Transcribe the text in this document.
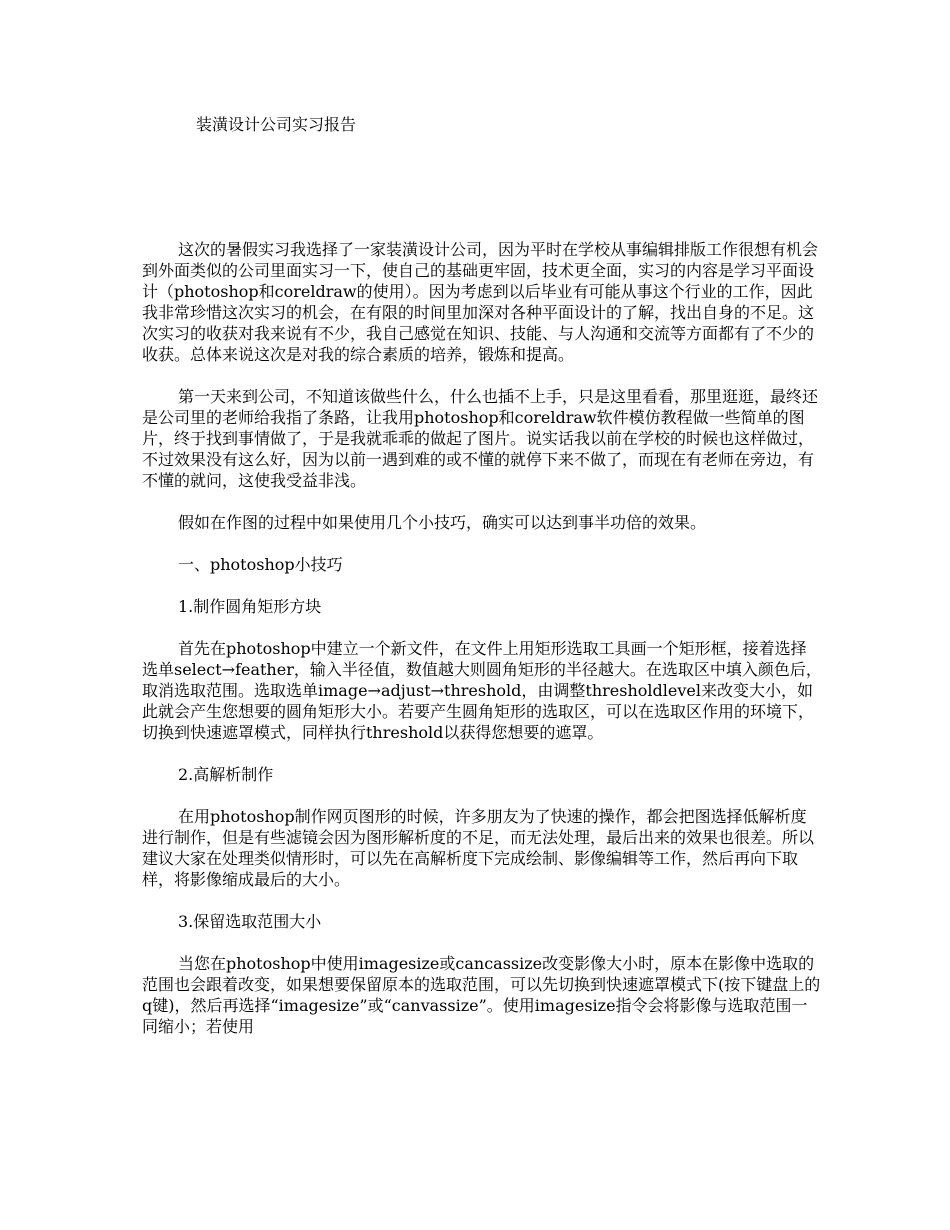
装潢设计公司实习报告

这次的暑假实习我选择了一家装潢设计公司，因为平时在学校从事编辑排版工作很想有机会到外面类似的公司里面实习一下，使自己的基础更牢固，技术更全面，实习的内容是学习平面设计（photoshop和coreldraw的使用）。因为考虑到以后毕业有可能从事这个行业的工作，因此我非常珍惜这次实习的机会，在有限的时间里加深对各种平面设计的了解，找出自身的不足。这次实习的收获对我来说有不少，我自己感觉在知识、技能、与人沟通和交流等方面都有了不少的收获。总体来说这次是对我的综合素质的培养，锻炼和提高。

第一天来到公司，不知道该做些什么，什么也插不上手，只是这里看看，那里逛逛，最终还是公司里的老师给我指了条路，让我用photoshop和coreldraw软件模仿教程做一些简单的图片，终于找到事情做了，于是我就乖乖的做起了图片。说实话我以前在学校的时候也这样做过，不过效果没有这么好，因为以前一遇到难的或不懂的就停下来不做了，而现在有老师在旁边，有不懂的就问，这使我受益非浅。

假如在作图的过程中如果使用几个小技巧，确实可以达到事半功倍的效果。

一、photoshop小技巧

1.制作圆角矩形方块

首先在photoshop中建立一个新文件，在文件上用矩形选取工具画一个矩形框，接着选择选单select→feather，输入半径值，数值越大则圆角矩形的半径越大。在选取区中填入颜色后，取消选取范围。选取选单image→adjust→threshold，由调整thresholdlevel来改变大小，如此就会产生您想要的圆角矩形大小。若要产生圆角矩形的选取区，可以在选取区作用的环境下，切换到快速遮罩模式，同样执行threshold以获得您想要的遮罩。

2.高解析制作

在用photoshop制作网页图形的时候，许多朋友为了快速的操作，都会把图选择低解析度进行制作，但是有些滤镜会因为图形解析度的不足，而无法处理，最后出来的效果也很差。所以建议大家在处理类似情形时，可以先在高解析度下完成绘制、影像编辑等工作，然后再向下取样，将影像缩成最后的大小。

3.保留选取范围大小

当您在photoshop中使用imagesize或cancassize改变影像大小时，原本在影像中选取的范围也会跟着改变，如果想要保留原本的选取范围，可以先切换到快速遮罩模式下(按下键盘上的q键)，然后再选择“imagesize”或“canvassize”。使用imagesize指令会将影像与选取范围一同缩小；若使用
